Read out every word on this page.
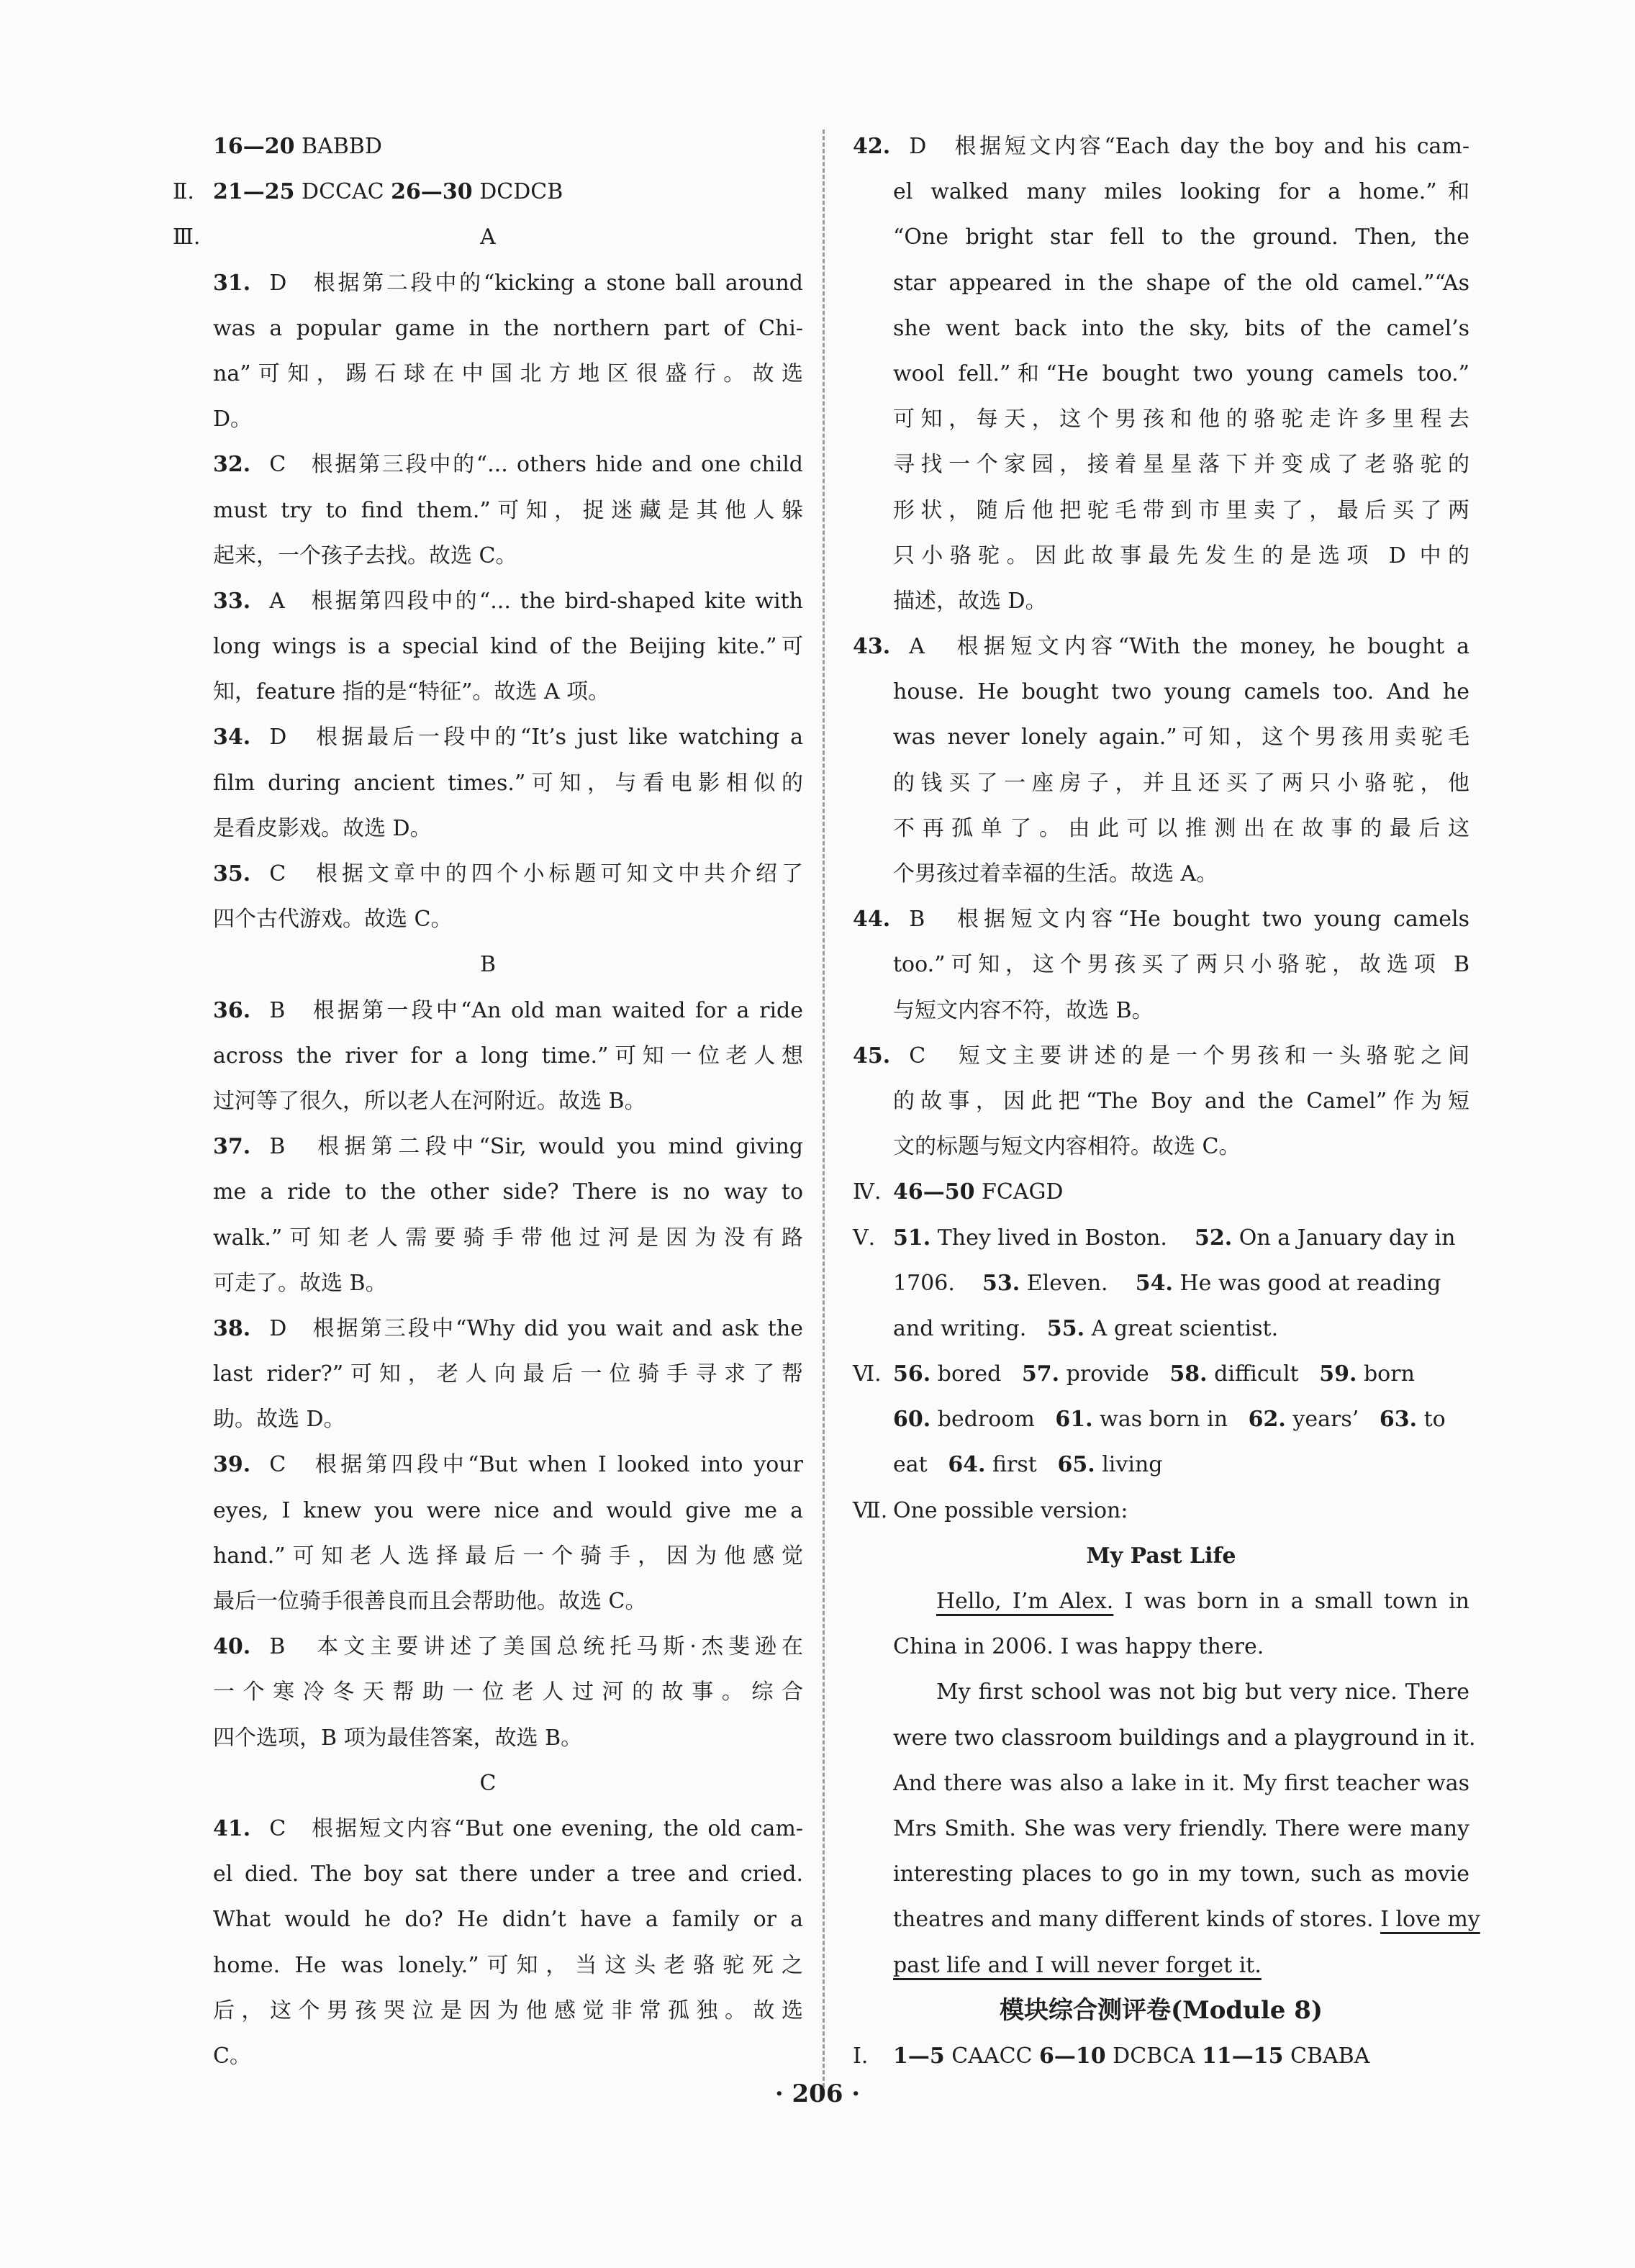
16—20 BABBD
Ⅱ. 21—25 DCCAC 26—30 DCDCB
Ⅲ.	A
31. D　根据第二段中的“kicking a stone ball around
was a popular game in the northern part of Chi-
na”可知，踢石球在中国北方地区很盛行。故选
D。
32. C　根据第三段中的“... others hide and one child
must try to find them.”可知，捉迷藏是其他人躲
起来，一个孩子去找。故选 C。
33. A　根据第四段中的“... the bird-shaped kite with
long wings is a special kind of the Beijing kite.”可
知，feature 指的是“特征”。故选 A 项。
34. D　根据最后一段中的“It’s just like watching a
film during ancient times.”可知，与看电影相似的
是看皮影戏。故选 D。
35. C　根据文章中的四个小标题可知文中共介绍了
四个古代游戏。故选 C。
B
36. B　根据第一段中“An old man waited for a ride
across the river for a long time.”可知一位老人想
过河等了很久，所以老人在河附近。故选 B。
37. B　根据第二段中“Sir, would you mind giving
me a ride to the other side? There is no way to
walk.”可知老人需要骑手带他过河是因为没有路
可走了。故选 B。
38. D　根据第三段中“Why did you wait and ask the
last rider?”可知，老人向最后一位骑手寻求了帮
助。故选 D。
39. C　根据第四段中“But when I looked into your
eyes, I knew you were nice and would give me a
hand.”可知老人选择最后一个骑手，因为他感觉
最后一位骑手很善良而且会帮助他。故选 C。
40. B　本文主要讲述了美国总统托马斯·杰斐逊在
一个寒冷冬天帮助一位老人过河的故事。综合
四个选项，B 项为最佳答案，故选 B。
C
41. C　根据短文内容“But one evening, the old cam-
el died. The boy sat there under a tree and cried.
What would he do? He didn’t have a family or a
home. He was lonely.”可知，当这头老骆驼死之
后，这个男孩哭泣是因为他感觉非常孤独。故选
C。
42. D　根据短文内容“Each day the boy and his cam-
el walked many miles looking for a home.”和
“One bright star fell to the ground. Then, the
star appeared in the shape of the old camel.”“As
she went back into the sky, bits of the camel’s
wool fell.”和“He bought two young camels too.”
可知，每天，这个男孩和他的骆驼走许多里程去
寻找一个家园，接着星星落下并变成了老骆驼的
形状，随后他把驼毛带到市里卖了，最后买了两
只小骆驼。因此故事最先发生的是选项 D 中的
描述，故选 D。
43. A　根据短文内容“With the money, he bought a
house. He bought two young camels too. And he
was never lonely again.”可知，这个男孩用卖驼毛
的钱买了一座房子，并且还买了两只小骆驼，他
不再孤单了。由此可以推测出在故事的最后这
个男孩过着幸福的生活。故选 A。
44. B　根据短文内容“He bought two young camels
too.”可知，这个男孩买了两只小骆驼，故选项 B
与短文内容不符，故选 B。
45. C　短文主要讲述的是一个男孩和一头骆驼之间
的故事，因此把“The Boy and the Camel”作为短
文的标题与短文内容相符。故选 C。
Ⅳ. 46—50 FCAGD
Ⅴ. 51. They lived in Boston. 52. On a January day in
1706. 53. Eleven. 54. He was good at reading
and writing. 55. A great scientist.
Ⅵ. 56. bored 57. provide 58. difficult 59. born
60. bedroom 61. was born in 62. years’ 63. to
eat 64. first 65. living
Ⅶ. One possible version:
My Past Life
Hello, I’m Alex. I was born in a small town in
China in 2006. I was happy there.
My first school was not big but very nice. There
were two classroom buildings and a playground in it.
And there was also a lake in it. My first teacher was
Mrs Smith. She was very friendly. There were many
interesting places to go in my town, such as movie
theatres and many different kinds of stores. I love my
past life and I will never forget it.
模块综合测评卷(Module 8)
Ⅰ. 1—5 CAACC 6—10 DCBCA 11—15 CBABA
· 206 ·
